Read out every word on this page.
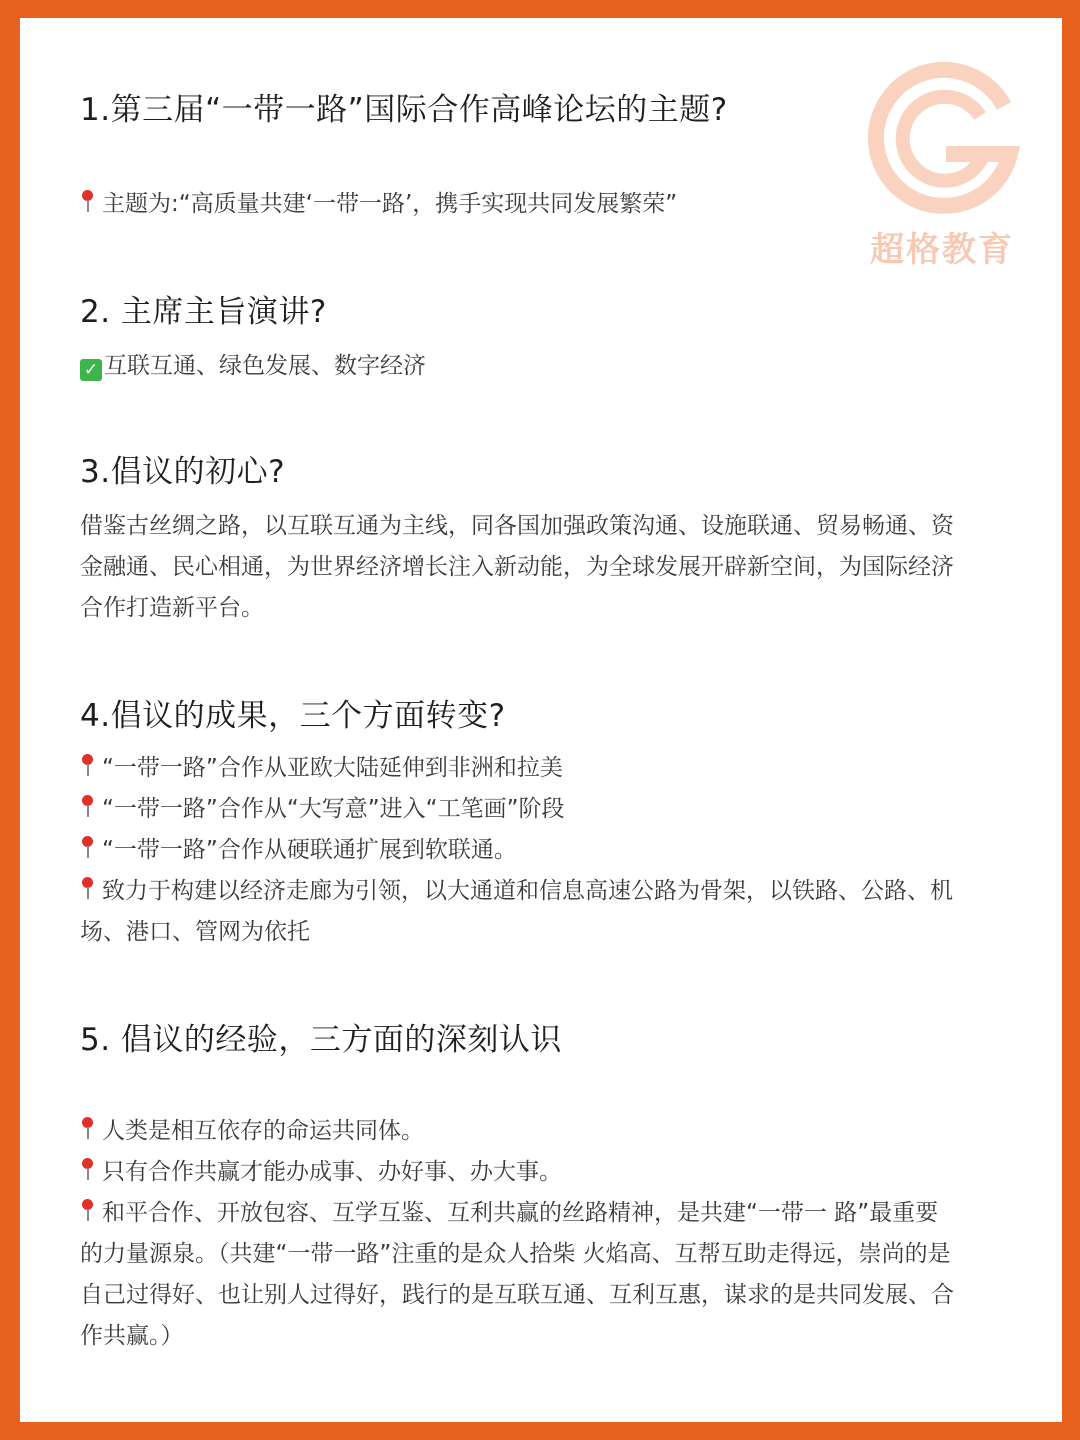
超格教育
1.第三届“一带一路”国际合作高峰论坛的主题?
主题为:“高质量共建‘一带一路’，携手实现共同发展繁荣”
2. 主席主旨演讲?
✓ 互联互通、绿色发展、数字经济
3.倡议的初心?
借鉴古丝绸之路，以互联互通为主线，同各国加强政策沟通、设施联通、贸易畅通、资
金融通、民心相通，为世界经济增长注入新动能，为全球发展开辟新空间，为国际经济
合作打造新平台。
4.倡议的成果，三个方面转变?
“一带一路”合作从亚欧大陆延伸到非洲和拉美
“一带一路”合作从“大写意”进入“工笔画”阶段
“一带一路”合作从硬联通扩展到软联通。
致力于构建以经济走廊为引领，以大通道和信息高速公路为骨架，以铁路、公路、机
场、港口、管网为依托
5. 倡议的经验，三方面的深刻认识
人类是相互依存的命运共同体。
只有合作共赢才能办成事、办好事、办大事。
和平合作、开放包容、互学互鉴、互利共赢的丝路精神，是共建“一带一 路”最重要
的力量源泉。（共建“一带一路”注重的是众人拾柴 火焰高、互帮互助走得远，崇尚的是
自己过得好、也让别人过得好，践行的是互联互通、互利互惠，谋求的是共同发展、合
作共赢。）
